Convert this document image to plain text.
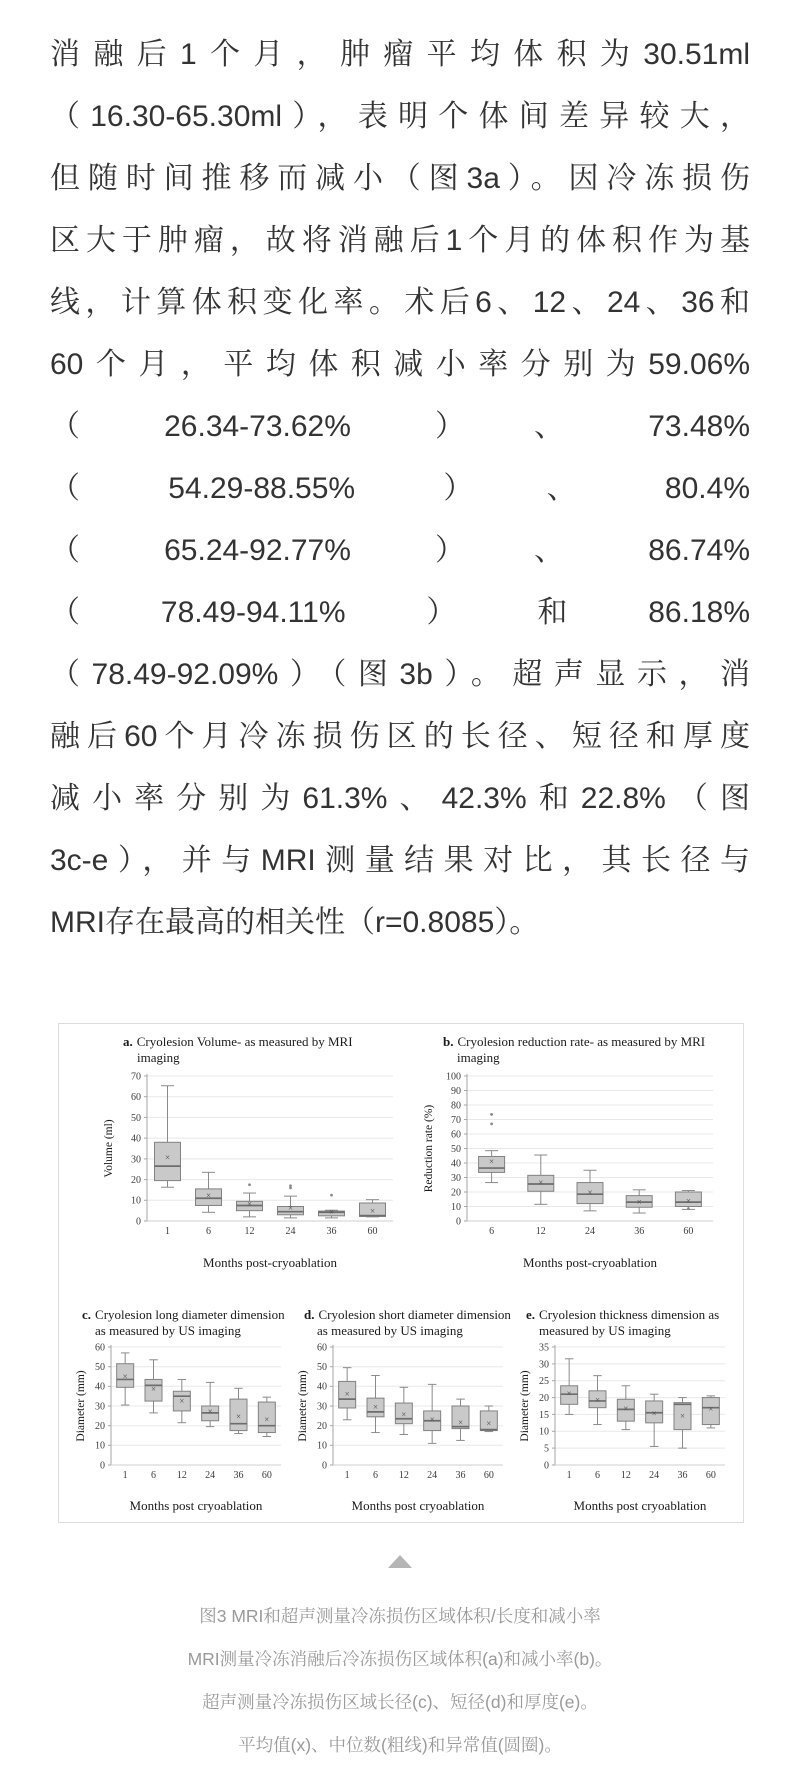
消融后1个月，肿瘤平均体积为30.51ml
（16.30-65.30ml），表明个体间差异较大，
但随时间推移而减小（图3a）。因冷冻损伤
区大于肿瘤，故将消融后1个月的体积作为基
线，计算体积变化率。术后6、12、24、36和
60个月，平均体积减小率分别为59.06%
（26.34-73.62%）、73.48%
（54.29-88.55%）、80.4%
（65.24-92.77%）、86.74%
（78.49-94.11%）和86.18%
（78.49-92.09%）（图3b）。超声显示，消
融后60个月冷冻损伤区的长径、短径和厚度
减小率分别为61.3%、42.3%和22.8%（图
3c-e），并与MRI测量结果对比，其长径与
MRI存在最高的相关性（r=0.8085）。
a. Cryolesion Volume- as measured by MRI imaging
0
10
20
30
40
50
60
70
×
1
×
6
×
12
×
24
×
36
×
60
Volume (ml)
Months post-cryoablation
b. Cryolesion reduction rate- as measured by MRI imaging
0
10
20
30
40
50
60
70
80
90
100
×
6
×
12
×
24
×
36
×
60
Reduction rate (%)
Months post-cryoablation
c. Cryolesion long diameter dimension as measured by US imaging
0
10
20
30
40
50
60
×
1
×
6
×
12
×
24
×
36
×
60
Diameter (mm)
Months post cryoablation
d. Cryolesion short diameter dimension as measured by US imaging
0
10
20
30
40
50
60
×
1
×
6
×
12
×
24
×
36
×
60
Diameter (mm)
Months post cryoablation
e. Cryolesion thickness dimension as measured by US imaging
0
5
10
15
20
25
30
35
×
1
×
6
×
12
×
24
×
36
×
60
Diameter (mm)
Months post cryoablation
图3 MRI和超声测量冷冻损伤区域体积/长度和减小率
MRI测量冷冻消融后冷冻损伤区域体积(a)和减小率(b)。
超声测量冷冻损伤区域长径(c)、短径(d)和厚度(e)。
平均值(x)、中位数(粗线)和异常值(圆圈)。
